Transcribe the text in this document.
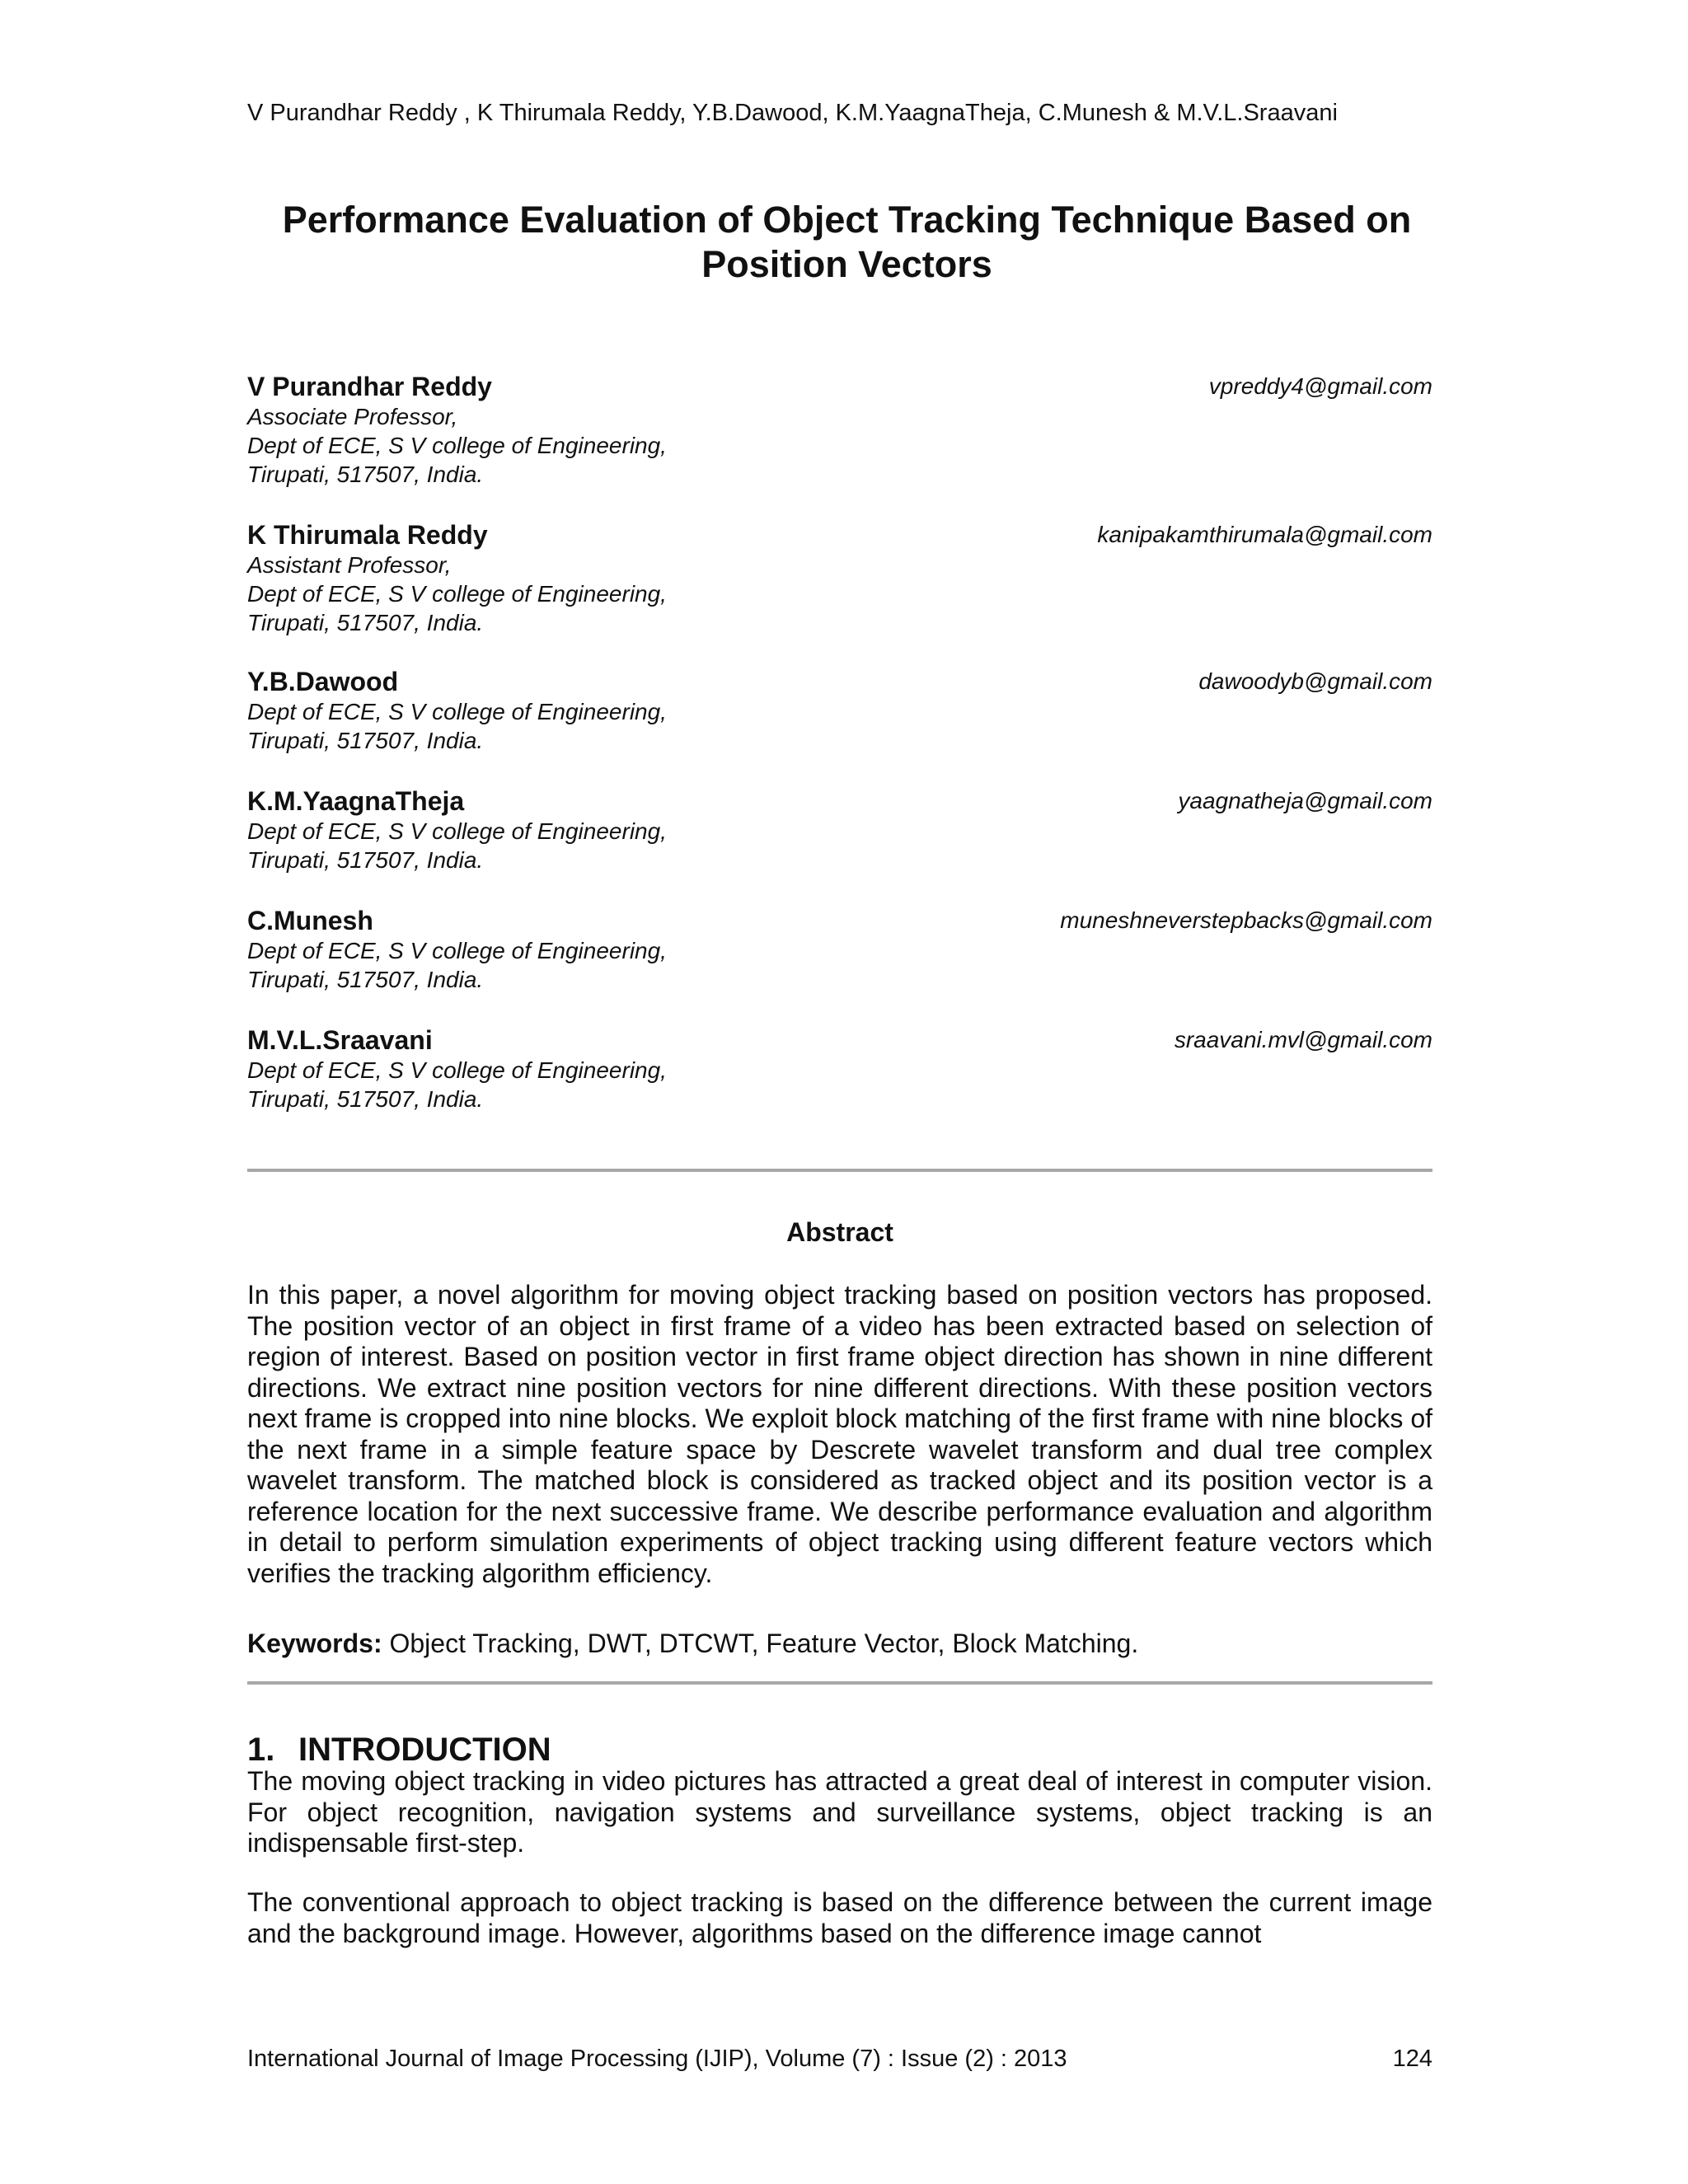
V Purandhar Reddy , K Thirumala Reddy, Y.B.Dawood, K.M.YaagnaTheja, C.Munesh & M.V.L.Sraavani
Performance Evaluation of Object Tracking Technique Based on
Position Vectors
V Purandhar Reddy	vpreddy4@gmail.com
Associate Professor,
Dept of ECE, S V college of Engineering,
Tirupati, 517507, India.
K Thirumala Reddy	kanipakamthirumala@gmail.com
Assistant Professor,
Dept of ECE, S V college of Engineering,
Tirupati, 517507, India.
Y.B.Dawood	dawoodyb@gmail.com
Dept of ECE, S V college of Engineering,
Tirupati, 517507, India.
K.M.YaagnaTheja	yaagnatheja@gmail.com
Dept of ECE, S V college of Engineering,
Tirupati, 517507, India.
C.Munesh	muneshneverstepbacks@gmail.com
Dept of ECE, S V college of Engineering,
Tirupati, 517507, India.
M.V.L.Sraavani	sraavani.mvl@gmail.com
Dept of ECE, S V college of Engineering,
Tirupati, 517507, India.
Abstract
In this paper, a novel algorithm for moving object tracking based on position vectors has proposed. The position vector of an object in first frame of a video has been extracted based on selection of region of interest. Based on position vector in first frame object direction has shown in nine different directions. We extract nine position vectors for nine different directions. With these position vectors next frame is cropped into nine blocks. We exploit block matching of the first frame with nine blocks of the next frame in a simple feature space by Descrete wavelet transform and dual tree complex wavelet transform. The matched block is considered as tracked object and its position vector is a reference location for the next successive frame. We describe performance evaluation and algorithm in detail to perform simulation experiments of object tracking using different feature vectors which verifies the tracking algorithm efficiency.
Keywords: Object Tracking, DWT, DTCWT, Feature Vector, Block Matching.
1. INTRODUCTION
The moving object tracking in video pictures has attracted a great deal of interest in computer vision. For object recognition, navigation systems and surveillance systems, object tracking is an indispensable first-step.
The conventional approach to object tracking is based on the difference between the current image and the background image. However, algorithms based on the difference image cannot
International Journal of Image Processing (IJIP), Volume (7) : Issue (2) : 2013	124
